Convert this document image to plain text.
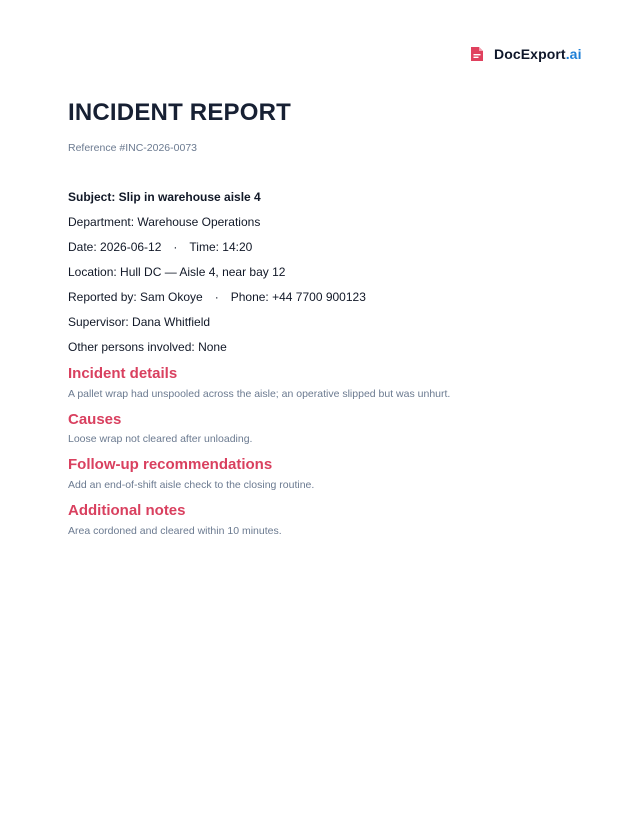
DocExport.ai
INCIDENT REPORT
Reference #INC-2026-0073
Subject: Slip in warehouse aisle 4
Department: Warehouse Operations
Date: 2026-06-12 · Time: 14:20
Location: Hull DC — Aisle 4, near bay 12
Reported by: Sam Okoye · Phone: +44 7700 900123
Supervisor: Dana Whitfield
Other persons involved: None
Incident details
A pallet wrap had unspooled across the aisle; an operative slipped but was unhurt.
Causes
Loose wrap not cleared after unloading.
Follow-up recommendations
Add an end-of-shift aisle check to the closing routine.
Additional notes
Area cordoned and cleared within 10 minutes.
